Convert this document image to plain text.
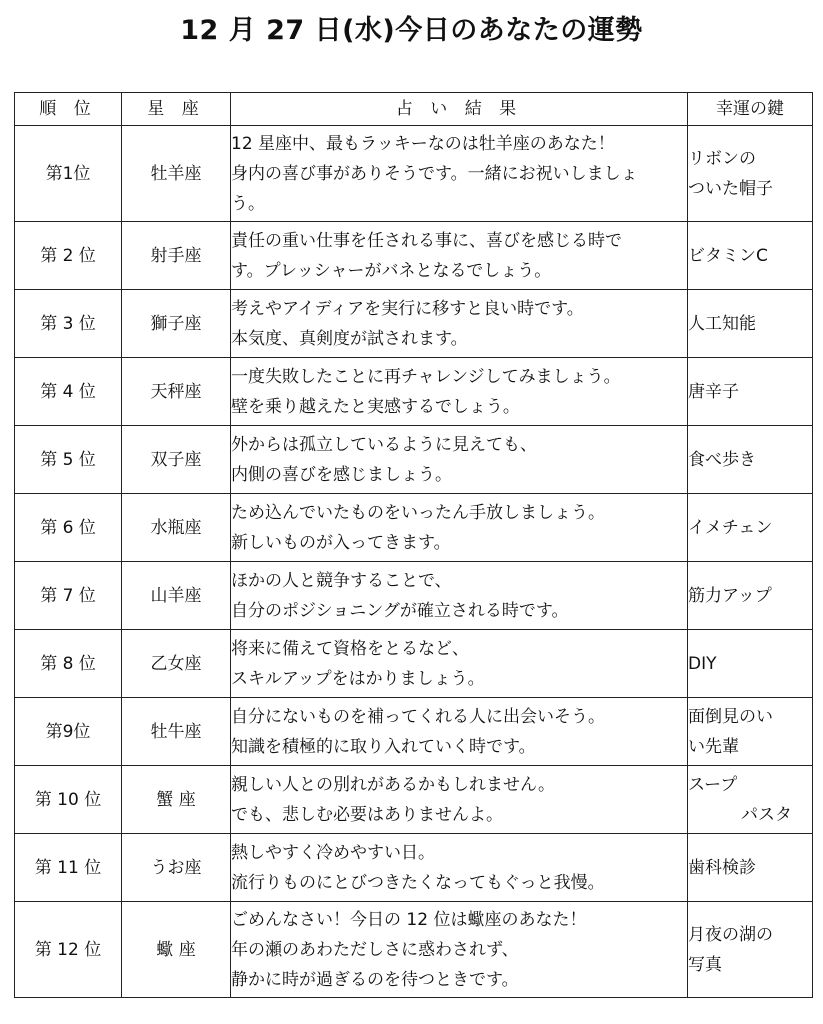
12 月 27 日(水)今日のあなたの運勢
順 位	星 座	占 い 結 果	幸運の鍵
第1位	牡羊座	12 星座中、最もラッキーなのは牡羊座のあなた！
身内の喜び事がありそうです。一緒にお祝いしましょ
う。	リボンの
ついた帽子

第 2 位	射手座	責任の重い仕事を任される事に、喜びを感じる時で
す。プレッシャーがバネとなるでしょう。	ビタミンC

第 3 位	獅子座	考えやアイディアを実行に移すと良い時です。
本気度、真剣度が試されます。	人工知能

第 4 位	天秤座	一度失敗したことに再チャレンジしてみましょう。
壁を乗り越えたと実感するでしょう。	唐辛子

第 5 位	双子座	外からは孤立しているように見えても、
内側の喜びを感じましょう。	食べ歩き

第 6 位	水瓶座	ため込んでいたものをいったん手放しましょう。
新しいものが入ってきます。	イメチェン

第 7 位	山羊座	ほかの人と競争することで、
自分のポジショニングが確立される時です。	筋力アップ

第 8 位	乙女座	将来に備えて資格をとるなど、
スキルアップをはかりましょう。	DIY

第9位	牡牛座	自分にないものを補ってくれる人に出会いそう。
知識を積極的に取り入れていく時です。	面倒見のい
い先輩

第 10 位	蟹 座	親しい人との別れがあるかもしれません。
でも、悲しむ必要はありませんよ。	スープ
パスタ

第 11 位	うお座	熱しやすく冷めやすい日。
流行りものにとびつきたくなってもぐっと我慢。	歯科検診

第 12 位	蠍 座	ごめんなさい！今日の 12 位は蠍座のあなた！
年の瀬のあわただしさに惑わされず、
静かに時が過ぎるのを待つときです。	月夜の湖の
写真
